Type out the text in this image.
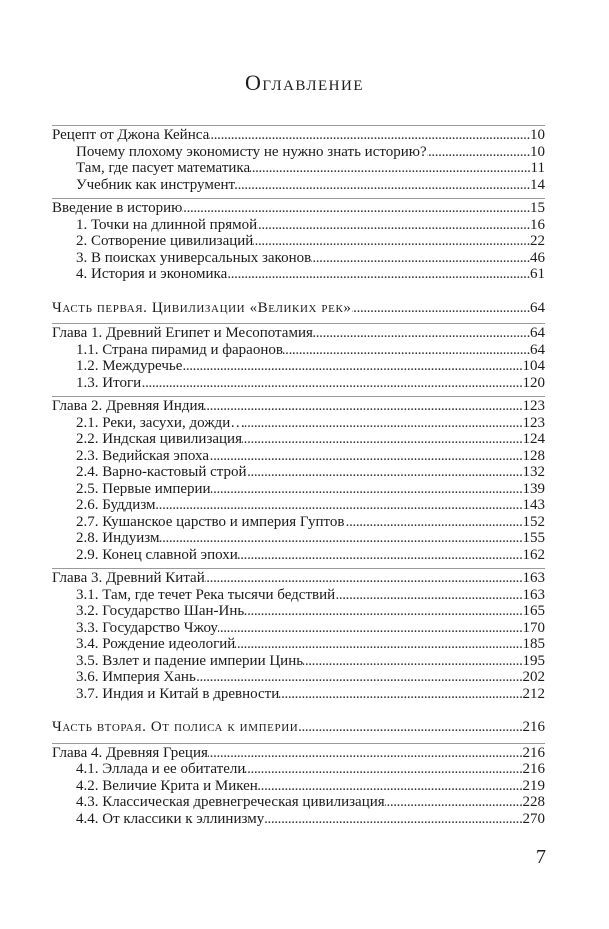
Оглавление
Рецепт от Джона Кейнса .....	10
Почему плохому экономисту не нужно знать историю? .....	10
Там, где пасует математика .....	11
Учебник как инструмент .....	14
Введение в историю .....	15
1. Точки на длинной прямой .....	16
2. Сотворение цивилизаций .....	22
3. В поисках универсальных законов .....	46
4. История и экономика .....	61
Часть первая. Цивилизации «Великих рек» .....	64
Глава 1. Древний Египет и Месопотамия .....	64
1.1. Страна пирамид и фараонов .....	64
1.2. Междуречье .....	104
1.3. Итоги .....	120
Глава 2. Древняя Индия .....	123
2.1. Реки, засухи, дожди… .....	123
2.2. Индская цивилизация .....	124
2.3. Ведийская эпоха .....	128
2.4. Варно-кастовый строй .....	132
2.5. Первые империи .....	139
2.6. Буддизм .....	143
2.7. Кушанское царство и империя Гуптов .....	152
2.8. Индуизм .....	155
2.9. Конец славной эпохи .....	162
Глава 3. Древний Китай .....	163
3.1. Там, где течет Река тысячи бедствий .....	163
3.2. Государство Шан-Инь .....	165
3.3. Государство Чжоу .....	170
3.4. Рождение идеологий .....	185
3.5. Взлет и падение империи Цинь .....	195
3.6. Империя Хань .....	202
3.7. Индия и Китай в древности .....	212
Часть вторая. От полиса к империи .....	216
Глава 4. Древняя Греция .....	216
4.1. Эллада и ее обитатели .....	216
4.2. Величие Крита и Микен .....	219
4.3. Классическая древнегреческая цивилизация .....	228
4.4. От классики к эллинизму .....	270
7
